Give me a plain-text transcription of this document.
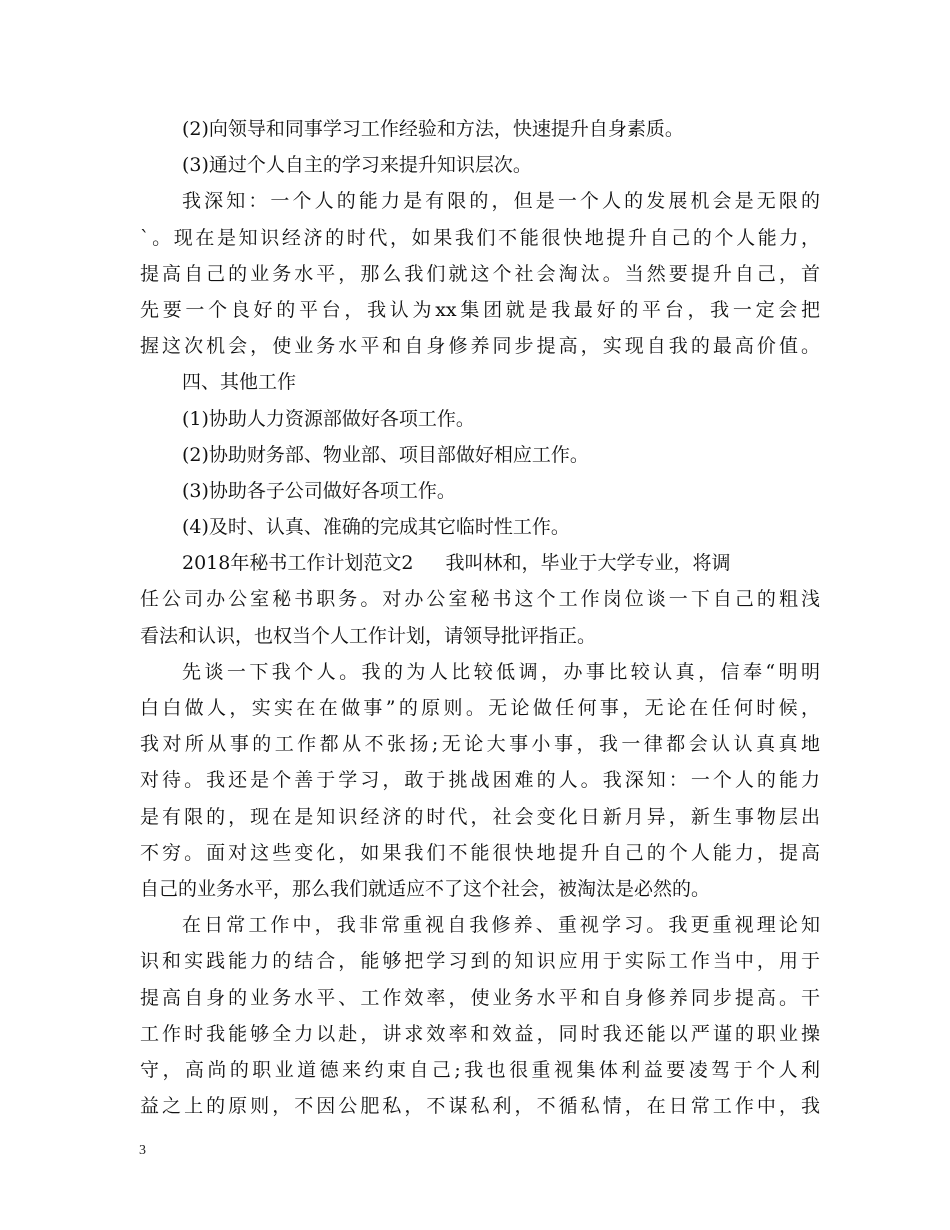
(2)向领导和同事学习工作经验和方法，快速提升自身素质。
(3)通过个人自主的学习来提升知识层次。
我深知：一个人的能力是有限的，但是一个人的发展机会是无限的
`。现在是知识经济的时代，如果我们不能很快地提升自己的个人能力，
提高自己的业务水平，那么我们就这个社会淘汰。当然要提升自己，首
先要一个良好的平台，我认为xx集团就是我最好的平台，我一定会把
握这次机会，使业务水平和自身修养同步提高，实现自我的最高价值。
四、其他工作
(1)协助人力资源部做好各项工作。
(2)协助财务部、物业部、项目部做好相应工作。
(3)协助各子公司做好各项工作。
(4)及时、认真、准确的完成其它临时性工作。
2018年秘书工作计划范文2 我叫林和，毕业于大学专业，将调
任公司办公室秘书职务。对办公室秘书这个工作岗位谈一下自己的粗浅
看法和认识，也权当个人工作计划，请领导批评指正。
先谈一下我个人。我的为人比较低调，办事比较认真，信奉“明明
白白做人，实实在在做事”的原则。无论做任何事，无论在任何时候，
我对所从事的工作都从不张扬;无论大事小事，我一律都会认认真真地
对待。我还是个善于学习，敢于挑战困难的人。我深知：一个人的能力
是有限的，现在是知识经济的时代，社会变化日新月异，新生事物层出
不穷。面对这些变化，如果我们不能很快地提升自己的个人能力，提高
自己的业务水平，那么我们就适应不了这个社会，被淘汰是必然的。
在日常工作中，我非常重视自我修养、重视学习。我更重视理论知
识和实践能力的结合，能够把学习到的知识应用于实际工作当中，用于
提高自身的业务水平、工作效率，使业务水平和自身修养同步提高。干
工作时我能够全力以赴，讲求效率和效益，同时我还能以严谨的职业操
守，高尚的职业道德来约束自己;我也很重视集体利益要凌驾于个人利
益之上的原则，不因公肥私，不谋私利，不循私情，在日常工作中，我
3
